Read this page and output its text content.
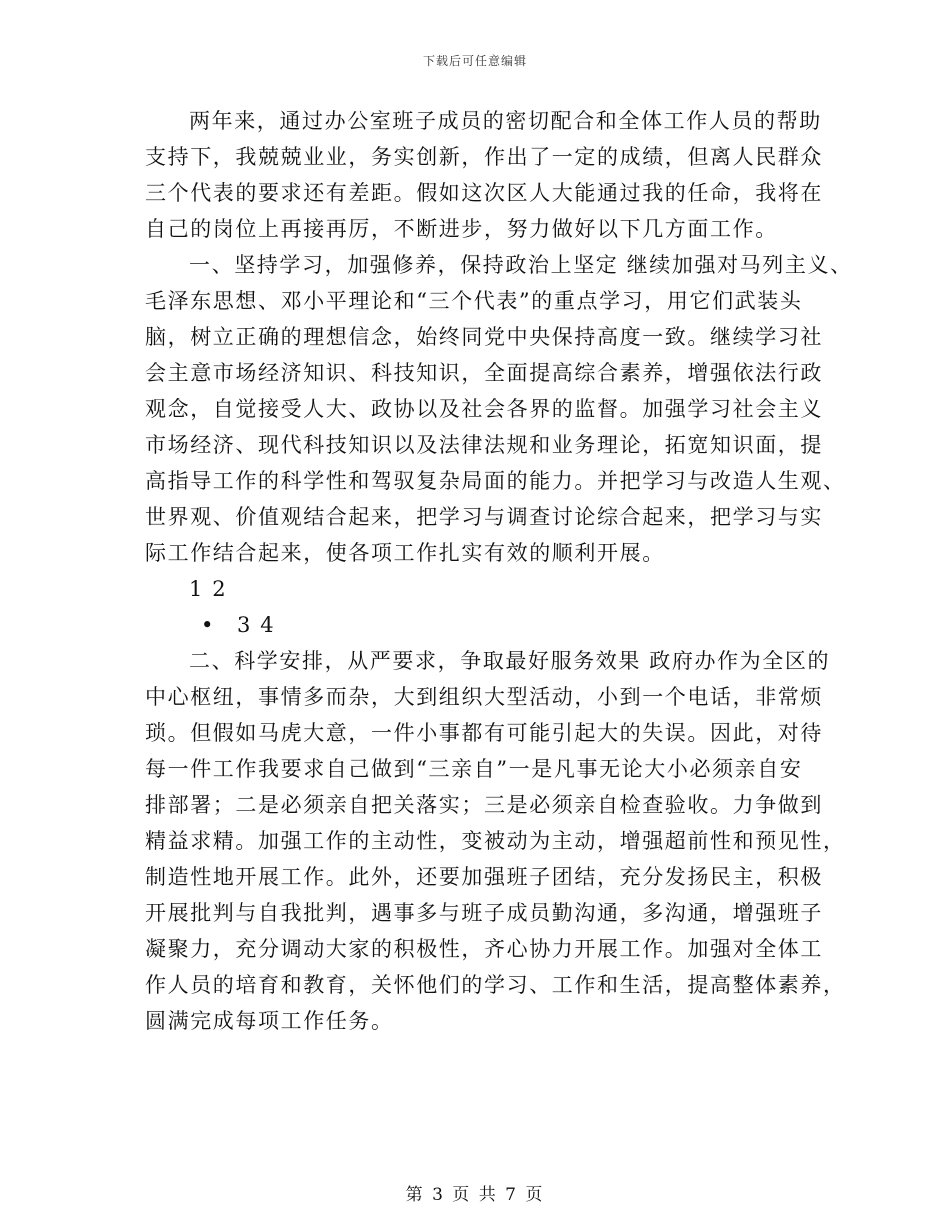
下载后可任意编辑
两年来，通过办公室班子成员的密切配合和全体工作人员的帮助
支持下，我兢兢业业，务实创新，作出了一定的成绩，但离人民群众
三个代表的要求还有差距。假如这次区人大能通过我的任命，我将在
自己的岗位上再接再厉，不断进步，努力做好以下几方面工作。
一、坚持学习，加强修养，保持政治上坚定 继续加强对马列主义、
毛泽东思想、邓小平理论和“三个代表”的重点学习，用它们武装头
脑，树立正确的理想信念，始终同党中央保持高度一致。继续学习社
会主意市场经济知识、科技知识，全面提高综合素养，增强依法行政
观念，自觉接受人大、政协以及社会各界的监督。加强学习社会主义
市场经济、现代科技知识以及法律法规和业务理论，拓宽知识面，提
高指导工作的科学性和驾驭复杂局面的能力。并把学习与改造人生观、
世界观、价值观结合起来，把学习与调查讨论综合起来，把学习与实
际工作结合起来，使各项工作扎实有效的顺利开展。
1 2
• 3 4
二、科学安排，从严要求，争取最好服务效果 政府办作为全区的
中心枢纽，事情多而杂，大到组织大型活动，小到一个电话，非常烦
琐。但假如马虎大意，一件小事都有可能引起大的失误。因此，对待
每一件工作我要求自己做到“三亲自”一是凡事无论大小必须亲自安
排部署；二是必须亲自把关落实；三是必须亲自检查验收。力争做到
精益求精。加强工作的主动性，变被动为主动，增强超前性和预见性，
制造性地开展工作。此外，还要加强班子团结，充分发扬民主，积极
开展批判与自我批判，遇事多与班子成员勤沟通，多沟通，增强班子
凝聚力，充分调动大家的积极性，齐心协力开展工作。加强对全体工
作人员的培育和教育，关怀他们的学习、工作和生活，提高整体素养，
圆满完成每项工作任务。
第 3 页 共 7 页
